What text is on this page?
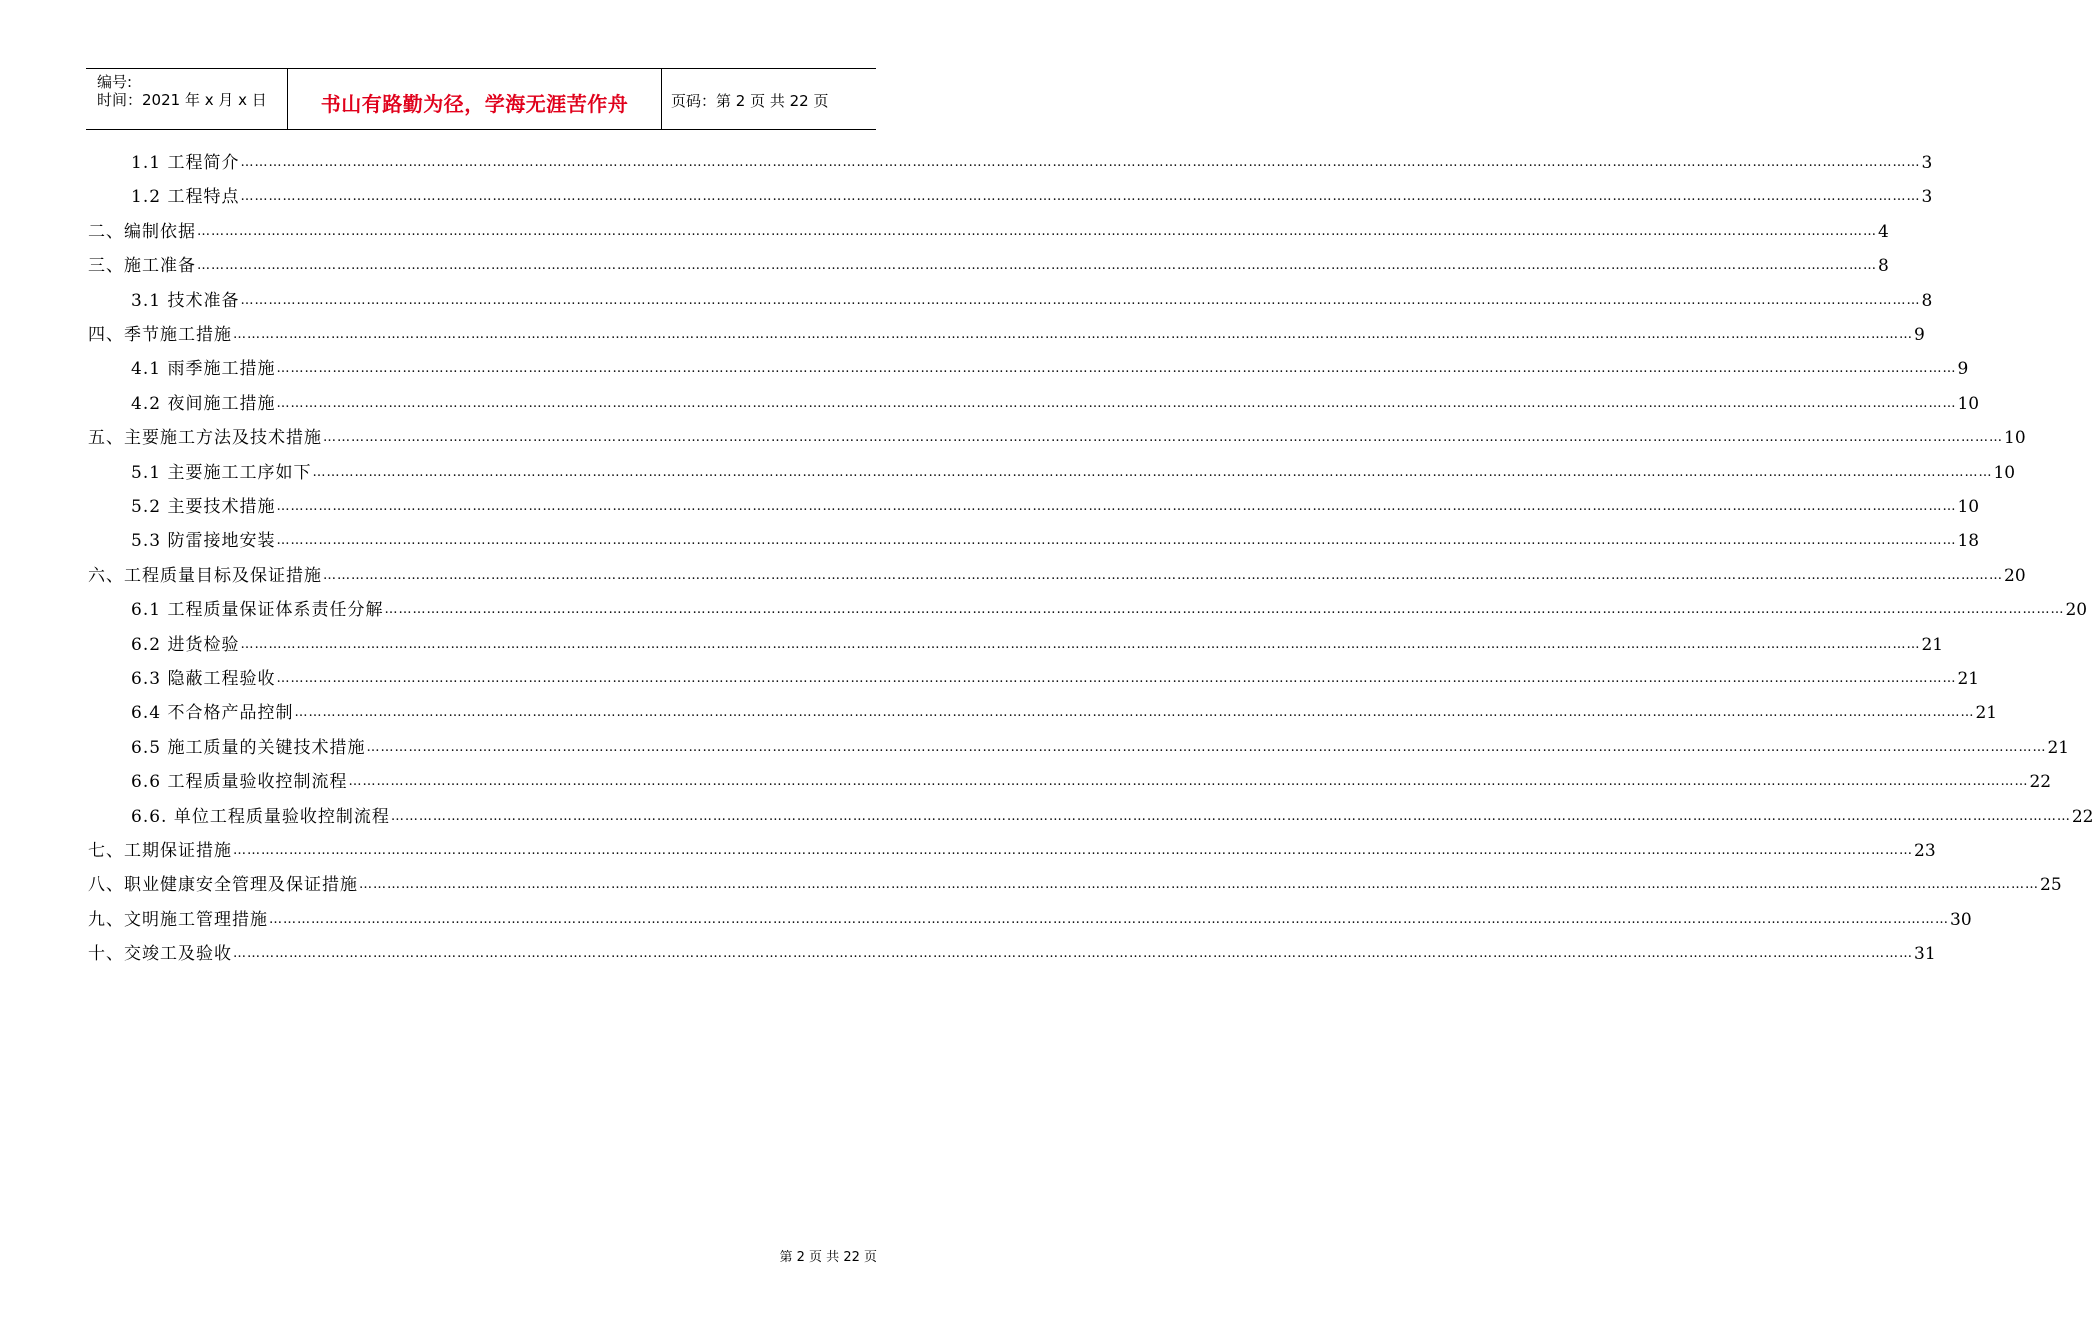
编号:
时间：2021 年 x 月 x 日	书山有路勤为径，学海无涯苦作舟	页码：第 2 页 共 22 页
1.1 工程简介 ……………………………………………………………………………………………………………………………………………………………………………………………………………………………………………………………………………………………………………………………… 3
1.2 工程特点 ……………………………………………………………………………………………………………………………………………………………………………………………………………………………………………………………………………………………………………………………… 3
二、编制依据 ……………………………………………………………………………………………………………………………………………………………………………………………………………………………………………………………………………………………………………………………… 4
三、施工准备 ……………………………………………………………………………………………………………………………………………………………………………………………………………………………………………………………………………………………………………………………… 8
3.1 技术准备 ……………………………………………………………………………………………………………………………………………………………………………………………………………………………………………………………………………………………………………………………… 8
四、季节施工措施 ……………………………………………………………………………………………………………………………………………………………………………………………………………………………………………………………………………………………………………………………… 9
4.1 雨季施工措施 ……………………………………………………………………………………………………………………………………………………………………………………………………………………………………………………………………………………………………………………………… 9
4.2 夜间施工措施 ……………………………………………………………………………………………………………………………………………………………………………………………………………………………………………………………………………………………………………………………… 10
五、主要施工方法及技术措施 ……………………………………………………………………………………………………………………………………………………………………………………………………………………………………………………………………………………………………………………………… 10
5.1 主要施工工序如下 ……………………………………………………………………………………………………………………………………………………………………………………………………………………………………………………………………………………………………………………………… 10
5.2 主要技术措施 ……………………………………………………………………………………………………………………………………………………………………………………………………………………………………………………………………………………………………………………………… 10
5.3 防雷接地安装 ……………………………………………………………………………………………………………………………………………………………………………………………………………………………………………………………………………………………………………………………… 18
六、工程质量目标及保证措施 ……………………………………………………………………………………………………………………………………………………………………………………………………………………………………………………………………………………………………………………………… 20
6.1 工程质量保证体系责任分解 ……………………………………………………………………………………………………………………………………………………………………………………………………………………………………………………………………………………………………………………………… 20
6.2 进货检验 ……………………………………………………………………………………………………………………………………………………………………………………………………………………………………………………………………………………………………………………………… 21
6.3 隐蔽工程验收 ……………………………………………………………………………………………………………………………………………………………………………………………………………………………………………………………………………………………………………………………… 21
6.4 不合格产品控制 ……………………………………………………………………………………………………………………………………………………………………………………………………………………………………………………………………………………………………………………………… 21
6.5 施工质量的关键技术措施 ……………………………………………………………………………………………………………………………………………………………………………………………………………………………………………………………………………………………………………………………… 21
6.6 工程质量验收控制流程 ……………………………………………………………………………………………………………………………………………………………………………………………………………………………………………………………………………………………………………………………… 22
6.6. 单位工程质量验收控制流程 ……………………………………………………………………………………………………………………………………………………………………………………………………………………………………………………………………………………………………………………………… 22
七、工期保证措施 ……………………………………………………………………………………………………………………………………………………………………………………………………………………………………………………………………………………………………………………………… 23
八、职业健康安全管理及保证措施 ……………………………………………………………………………………………………………………………………………………………………………………………………………………………………………………………………………………………………………………………… 25
九、文明施工管理措施 ……………………………………………………………………………………………………………………………………………………………………………………………………………………………………………………………………………………………………………………………… 30
十、交竣工及验收 ……………………………………………………………………………………………………………………………………………………………………………………………………………………………………………………………………………………………………………………………… 31
第 2 页 共 22 页
